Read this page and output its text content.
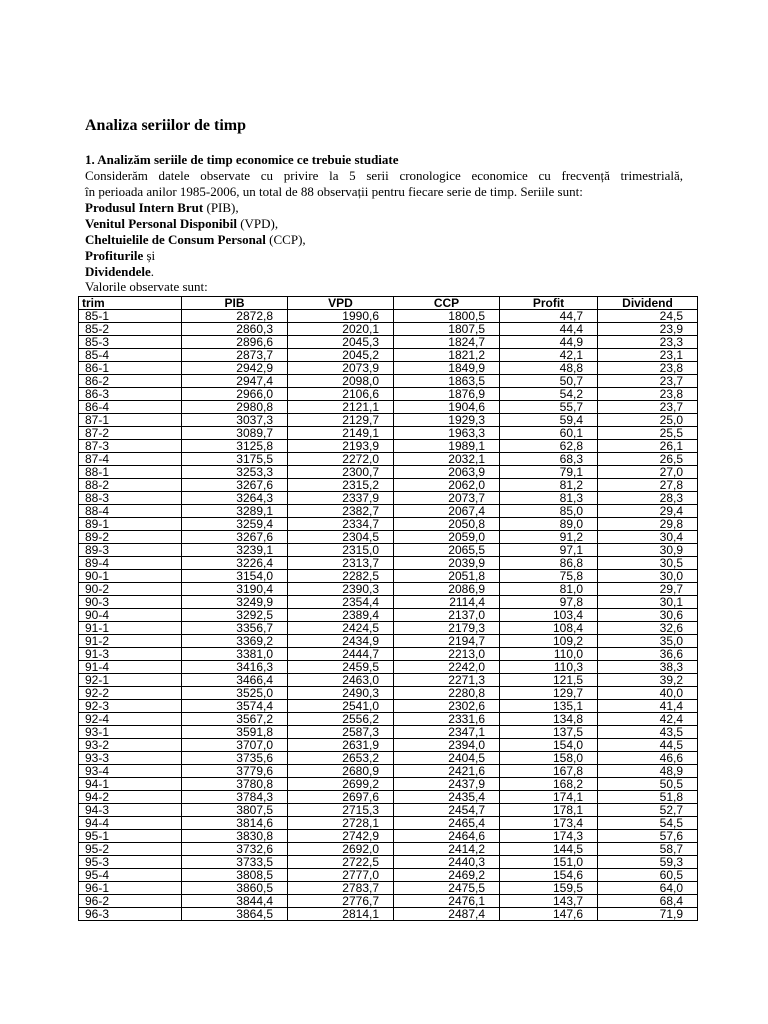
Analiza seriilor de timp

1. Analizăm seriile de timp economice ce trebuie studiate

Considerăm datele observate cu privire la 5 serii cronologice economice cu frecvență trimestrială,

în perioada anilor 1985-2006, un total de 88 observații pentru fiecare serie de timp. Seriile sunt:

Produsul Intern Brut (PIB),

Venitul Personal Disponibil (VPD),

Cheltuielile de Consum Personal (CCP),

Profiturile și

Dividendele.

Valorile observate sunt:

trim	PIB	VPD	CCP	Profit	Dividend
85-1	2872,8	1990,6	1800,5	44,7	24,5
85-2	2860,3	2020,1	1807,5	44,4	23,9
85-3	2896,6	2045,3	1824,7	44,9	23,3
85-4	2873,7	2045,2	1821,2	42,1	23,1
86-1	2942,9	2073,9	1849,9	48,8	23,8
86-2	2947,4	2098,0	1863,5	50,7	23,7
86-3	2966,0	2106,6	1876,9	54,2	23,8
86-4	2980,8	2121,1	1904,6	55,7	23,7
87-1	3037,3	2129,7	1929,3	59,4	25,0
87-2	3089,7	2149,1	1963,3	60,1	25,5
87-3	3125,8	2193,9	1989,1	62,8	26,1
87-4	3175,5	2272,0	2032,1	68,3	26,5
88-1	3253,3	2300,7	2063,9	79,1	27,0
88-2	3267,6	2315,2	2062,0	81,2	27,8
88-3	3264,3	2337,9	2073,7	81,3	28,3
88-4	3289,1	2382,7	2067,4	85,0	29,4
89-1	3259,4	2334,7	2050,8	89,0	29,8
89-2	3267,6	2304,5	2059,0	91,2	30,4
89-3	3239,1	2315,0	2065,5	97,1	30,9
89-4	3226,4	2313,7	2039,9	86,8	30,5
90-1	3154,0	2282,5	2051,8	75,8	30,0
90-2	3190,4	2390,3	2086,9	81,0	29,7
90-3	3249,9	2354,4	2114,4	97,8	30,1
90-4	3292,5	2389,4	2137,0	103,4	30,6
91-1	3356,7	2424,5	2179,3	108,4	32,6
91-2	3369,2	2434,9	2194,7	109,2	35,0
91-3	3381,0	2444,7	2213,0	110,0	36,6
91-4	3416,3	2459,5	2242,0	110,3	38,3
92-1	3466,4	2463,0	2271,3	121,5	39,2
92-2	3525,0	2490,3	2280,8	129,7	40,0
92-3	3574,4	2541,0	2302,6	135,1	41,4
92-4	3567,2	2556,2	2331,6	134,8	42,4
93-1	3591,8	2587,3	2347,1	137,5	43,5
93-2	3707,0	2631,9	2394,0	154,0	44,5
93-3	3735,6	2653,2	2404,5	158,0	46,6
93-4	3779,6	2680,9	2421,6	167,8	48,9
94-1	3780,8	2699,2	2437,9	168,2	50,5
94-2	3784,3	2697,6	2435,4	174,1	51,8
94-3	3807,5	2715,3	2454,7	178,1	52,7
94-4	3814,6	2728,1	2465,4	173,4	54,5
95-1	3830,8	2742,9	2464,6	174,3	57,6
95-2	3732,6	2692,0	2414,2	144,5	58,7
95-3	3733,5	2722,5	2440,3	151,0	59,3
95-4	3808,5	2777,0	2469,2	154,6	60,5
96-1	3860,5	2783,7	2475,5	159,5	64,0
96-2	3844,4	2776,7	2476,1	143,7	68,4
96-3	3864,5	2814,1	2487,4	147,6	71,9
